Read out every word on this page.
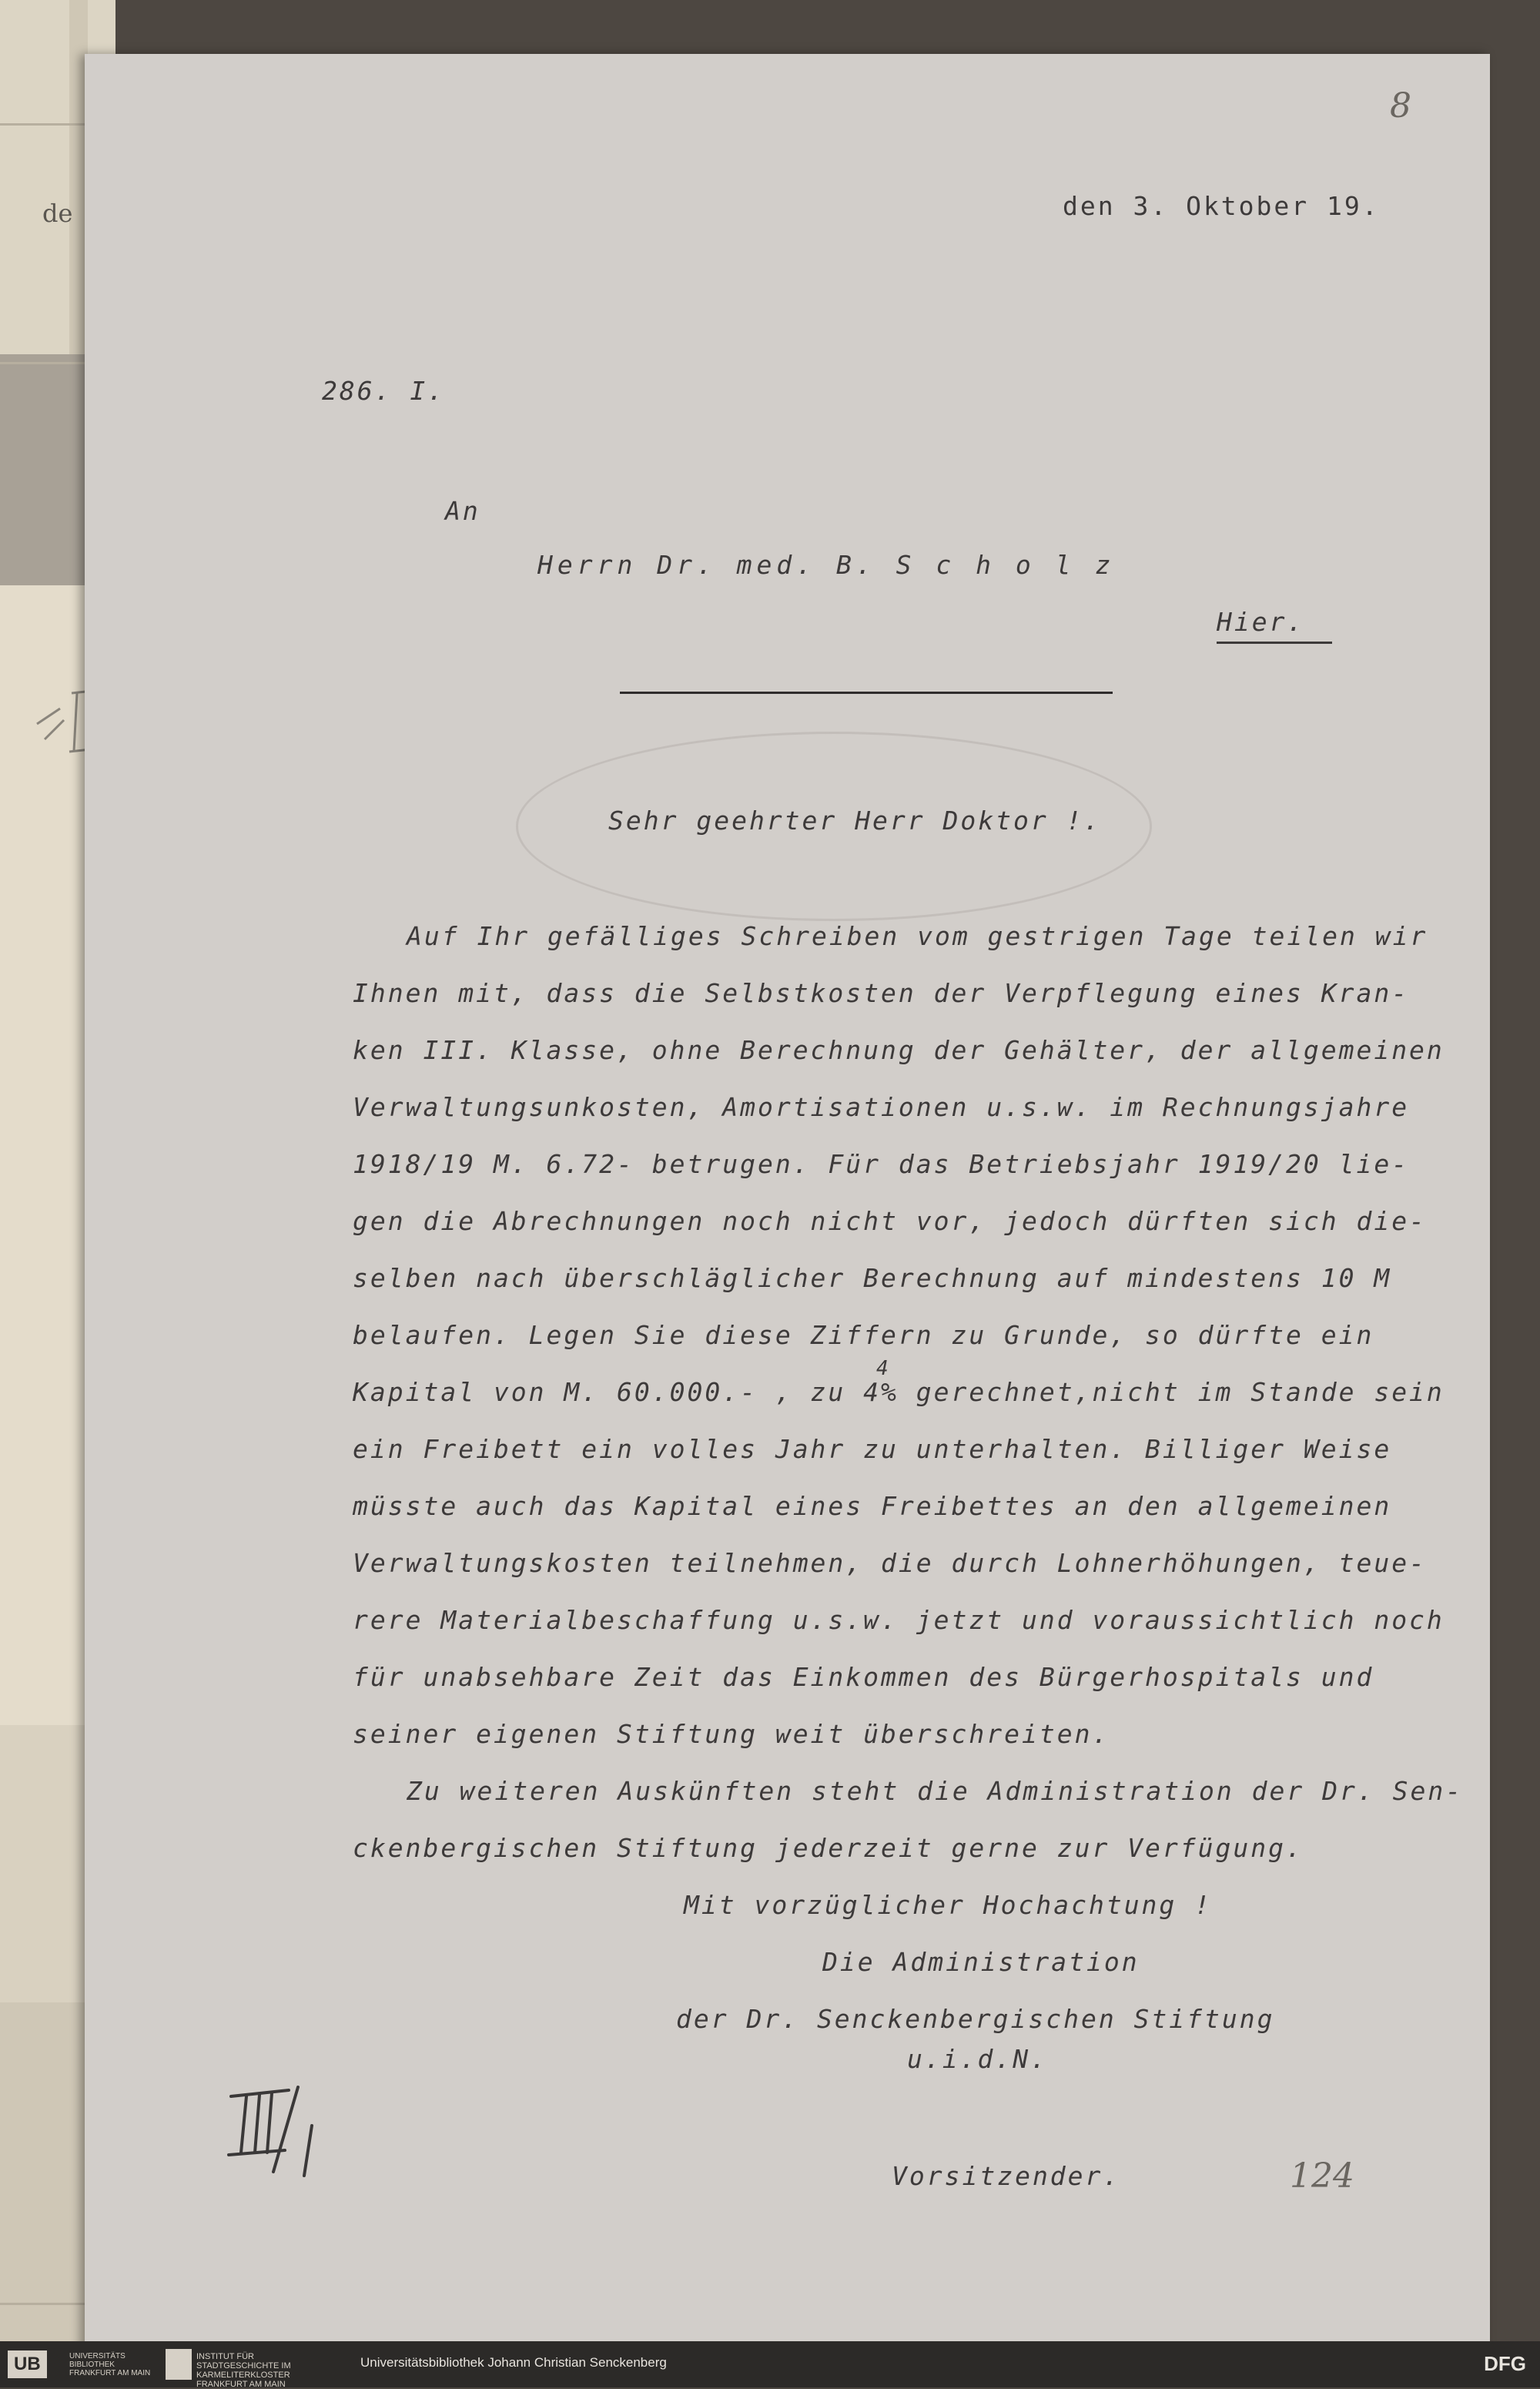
de
III
8
den 3. Oktober 19.
286. I.
An
Herrn Dr. med. B. S c h o l z
Hier.
Sehr geehrter Herr Doktor !.
Auf Ihr gefälliges Schreiben vom gestrigen Tage teilen wir
Ihnen mit, dass die Selbstkosten der Verpflegung eines Kran-
ken III. Klasse, ohne Berechnung der Gehälter, der allgemeinen
Verwaltungsunkosten, Amortisationen u.s.w. im Rechnungsjahre
1918/19 M. 6.72- betrugen. Für das Betriebsjahr 1919/20 lie-
gen die Abrechnungen noch nicht vor, jedoch dürften sich die-
selben nach überschläglicher Berechnung auf mindestens 10 M
belaufen. Legen Sie diese Ziffern zu Grunde, so dürfte ein
4
Kapital von M. 60.000.- , zu 4% gerechnet,nicht im Stande sein
ein Freibett ein volles Jahr zu unterhalten. Billiger Weise
müsste auch das Kapital eines Freibettes an den allgemeinen
Verwaltungskosten teilnehmen, die durch Lohnerhöhungen, teue-
rere Materialbeschaffung u.s.w. jetzt und voraussichtlich noch
für unabsehbare Zeit das Einkommen des Bürgerhospitals und
seiner eigenen Stiftung weit überschreiten.
Zu weiteren Auskünften steht die Administration der Dr. Sen-
ckenbergischen Stiftung jederzeit gerne zur Verfügung.
Mit vorzüglicher Hochachtung !
Die Administration
der Dr. Senckenbergischen Stiftung
u.i.d.N.
Vorsitzender.	124
III/1.
UB	UNIVERSITÄTS BIBLIOTHEK FRANKFURT AM MAIN
INSTITUT FÜR STADTGESCHICHTE IM KARMELITERKLOSTER FRANKFURT AM MAIN
Universitätsbibliothek Johann Christian Senckenberg	DFG
